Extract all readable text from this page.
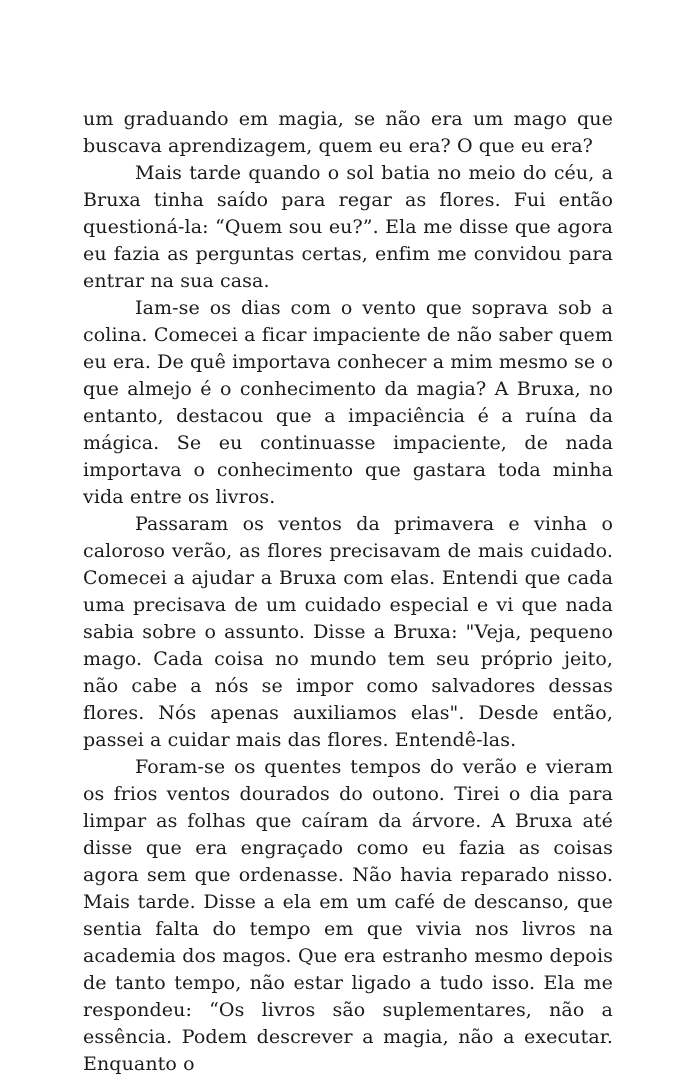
um graduando em magia, se não era um mago que buscava aprendizagem, quem eu era? O que eu era?

Mais tarde quando o sol batia no meio do céu, a Bruxa tinha saído para regar as flores. Fui então questioná-la: “Quem sou eu?”. Ela me disse que agora eu fazia as perguntas certas, enfim me convidou para entrar na sua casa.

Iam-se os dias com o vento que soprava sob a colina. Comecei a ficar impaciente de não saber quem eu era. De quê importava conhecer a mim mesmo se o que almejo é o conhecimento da magia? A Bruxa, no entanto, destacou que a impaciência é a ruína da mágica. Se eu continuasse impaciente, de nada importava o conhecimento que gastara toda minha vida entre os livros.

Passaram os ventos da primavera e vinha o caloroso verão, as flores precisavam de mais cuidado. Comecei a ajudar a Bruxa com elas. Entendi que cada uma precisava de um cuidado especial e vi que nada sabia sobre o assunto. Disse a Bruxa: "Veja, pequeno mago. Cada coisa no mundo tem seu próprio jeito, não cabe a nós se impor como salvadores dessas flores. Nós apenas auxiliamos elas". Desde então, passei a cuidar mais das flores. Entendê-las.

Foram-se os quentes tempos do verão e vieram os frios ventos dourados do outono. Tirei o dia para limpar as folhas que caíram da árvore. A Bruxa até disse que era engraçado como eu fazia as coisas agora sem que ordenasse. Não havia reparado nisso. Mais tarde. Disse a ela em um café de descanso, que sentia falta do tempo em que vivia nos livros na academia dos magos. Que era estranho mesmo depois de tanto tempo, não estar ligado a tudo isso. Ela me respondeu: “Os livros são suplementares, não a essência. Podem descrever a magia, não a executar. Enquanto o
